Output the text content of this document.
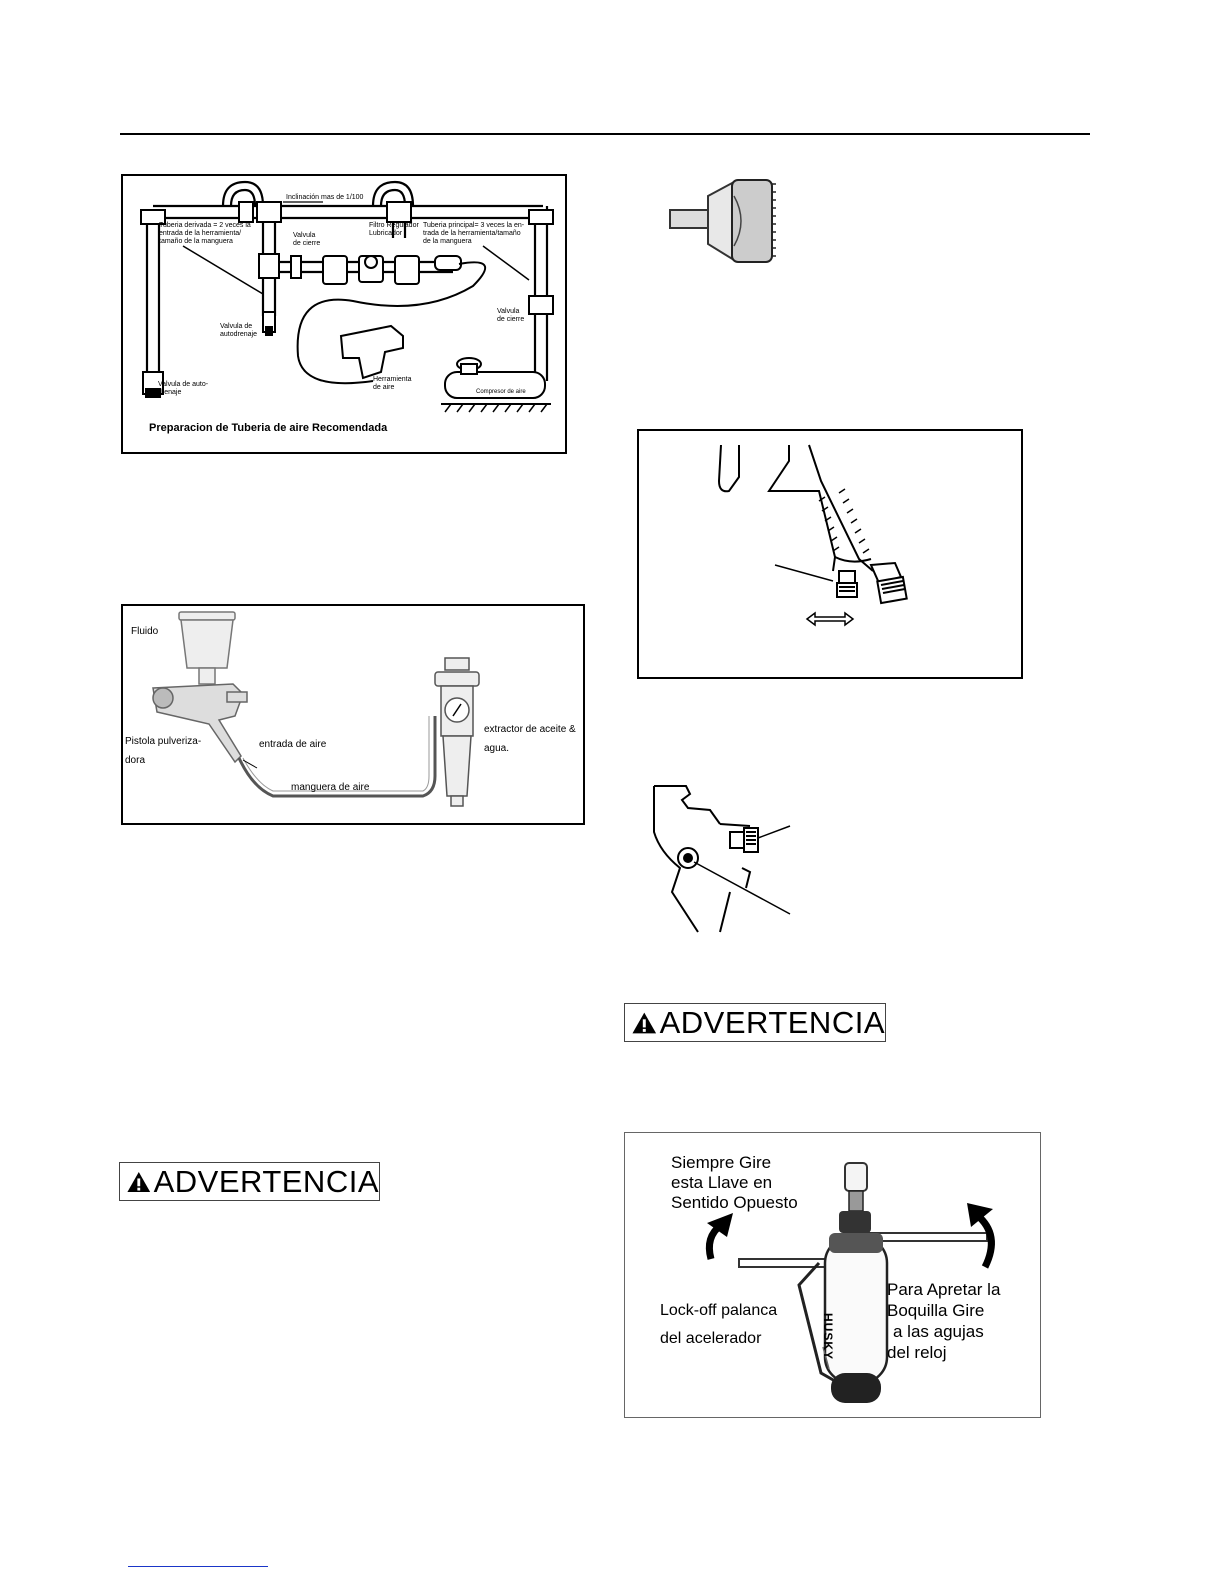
Inclinación mas de 1/100
Tuberia derivada = 2 veces la
entrada de la herramienta/
tamaño de la manguera
Valvula
de cierre
Filtro Regulador
Lubricador
Tuberia principal= 3 veces la en-
trada de la herramienta/tamaño
de la manguera
Valvula de
autodrenaje
Valvula
de cierre
Valvula de auto-
drenaje
Herramienta
de aire
Compresor de aire
Preparacion de Tuberia de aire Recomendada
Fluido
Pistola pulveriza-
dora
entrada de aire
manguera de aire
extractor de aceite &
agua.
ADVERTENCIA
ADVERTENCIA
HUSKY
Siempre Gire
esta Llave en
Sentido Opuesto
Lock-off palanca
del acelerador
Para Apretar la
Boquilla Gire
a las agujas
del reloj
